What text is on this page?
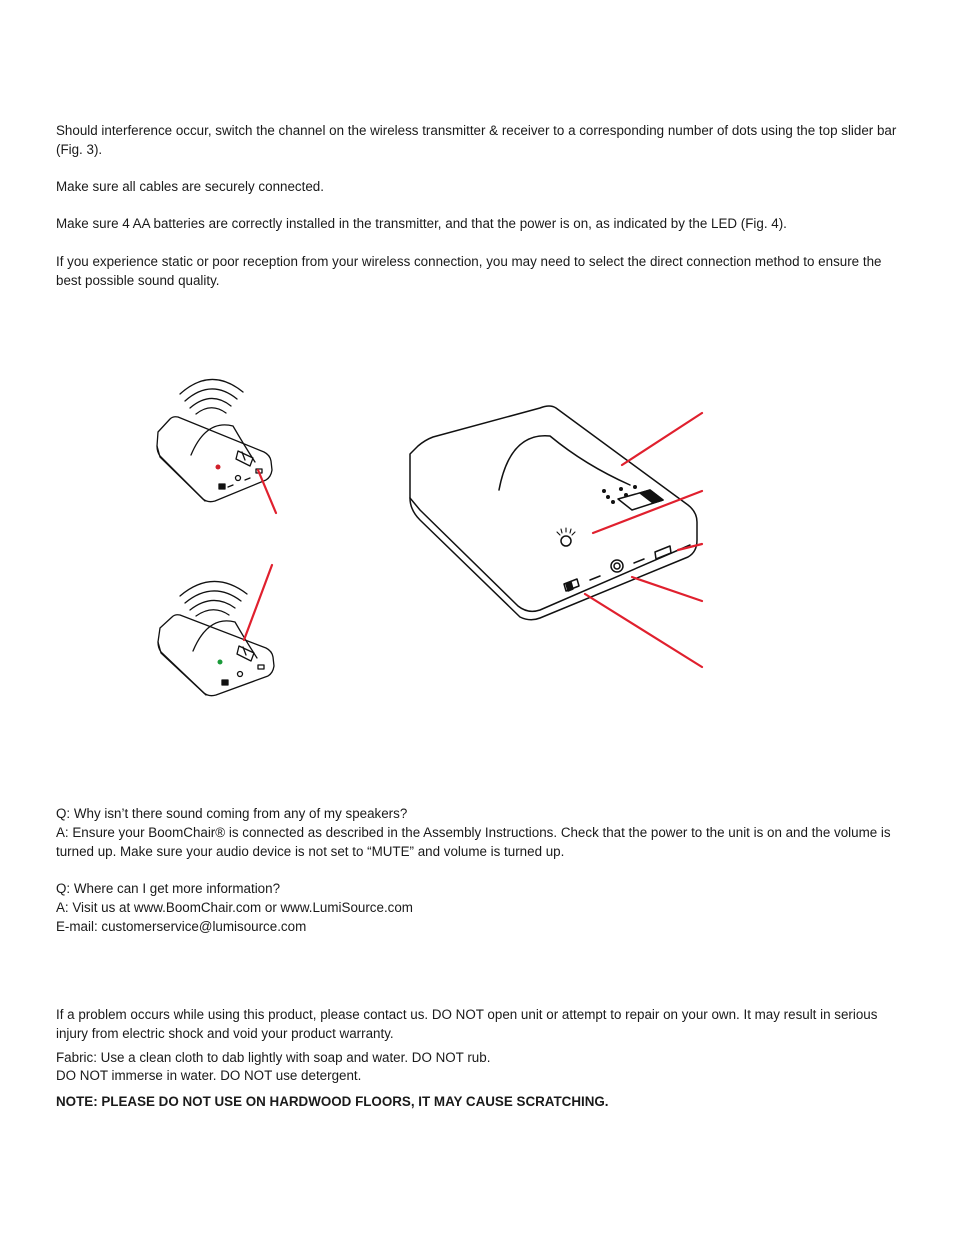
Should interference occur, switch the channel on the wireless transmitter & receiver to a corresponding number of dots using the top slider bar (Fig. 3).

Make sure all cables are securely connected.

Make sure 4 AA batteries are correctly installed in the transmitter, and that the power is on, as indicated by the LED (Fig. 4).

If you experience static or poor reception from your wireless connection, you may need to select the direct connection method to ensure the best possible sound quality.

Q: Why isn’t there sound coming from any of my speakers?

A: Ensure your BoomChair® is connected as described in the Assembly Instructions. Check that the power to the unit is on and the volume is turned up. Make sure your audio device is not set to “MUTE” and volume is turned up.

Q: Where can I get more information?

A: Visit us at www.BoomChair.com or www.LumiSource.com

E-mail: customerservice@lumisource.com

If a problem occurs while using this product, please contact us. DO NOT open unit or attempt to repair on your own. It may result in serious injury from electric shock and void your product warranty.

Fabric: Use a clean cloth to dab lightly with soap and water. DO NOT rub.

DO NOT immerse in water. DO NOT use detergent.

NOTE: PLEASE DO NOT USE ON HARDWOOD FLOORS, IT MAY CAUSE SCRATCHING.
